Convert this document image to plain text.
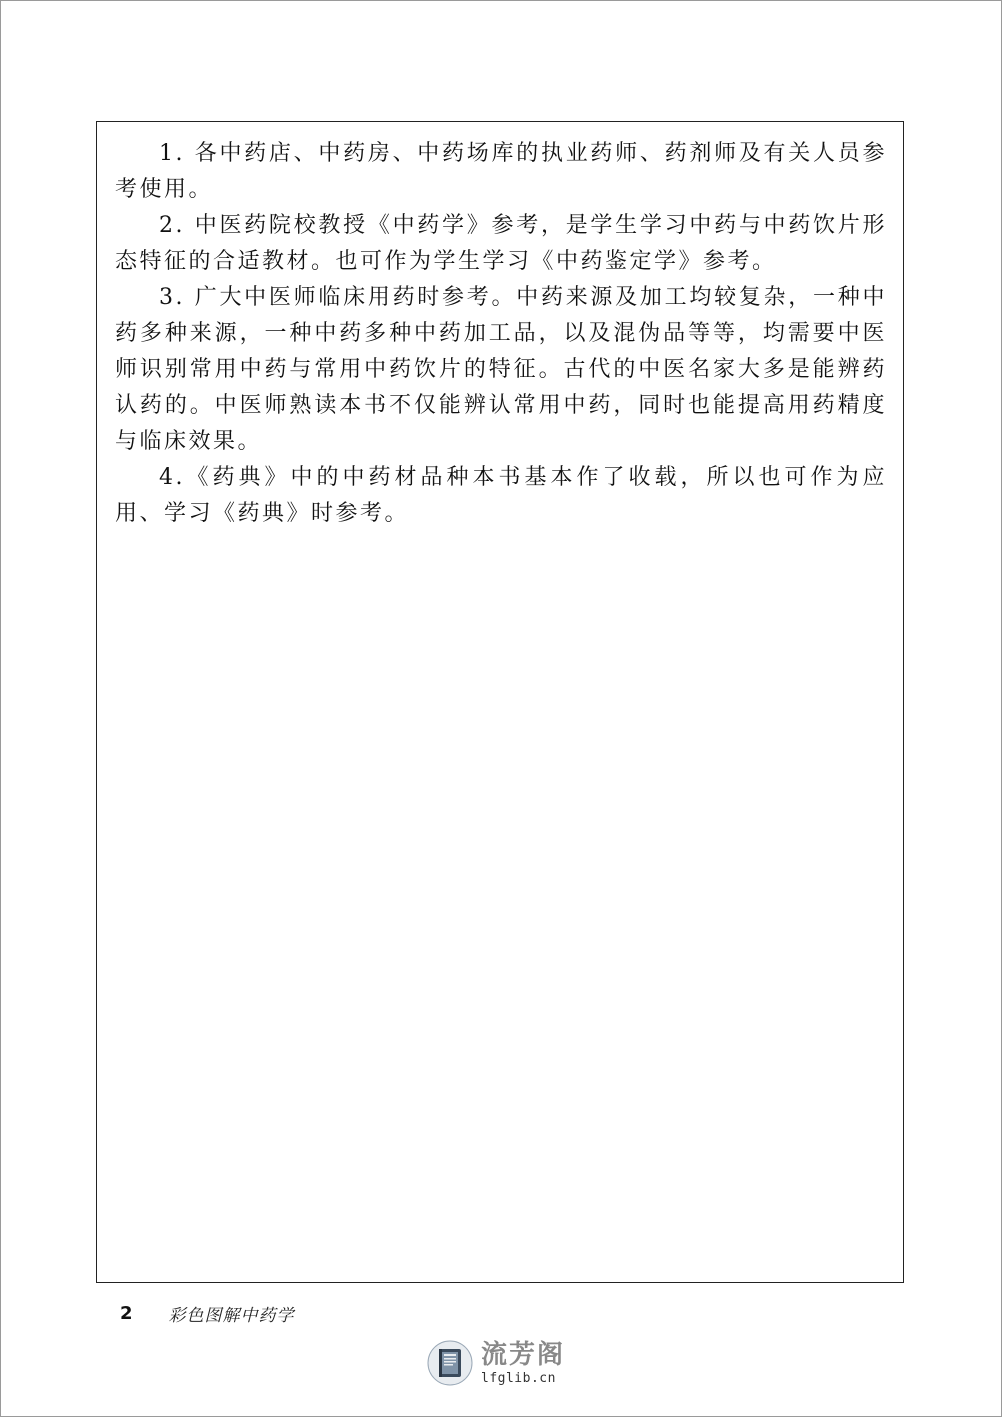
1. 各中药店、中药房、中药场库的执业药师、药剂师及有关人员参考使用。

2. 中医药院校教授《中药学》参考，是学生学习中药与中药饮片形态特征的合适教材。也可作为学生学习《中药鉴定学》参考。

3. 广大中医师临床用药时参考。中药来源及加工均较复杂，一种中药多种来源，一种中药多种中药加工品，以及混伪品等等，均需要中医师识别常用中药与常用中药饮片的特征。古代的中医名家大多是能辨药认药的。中医师熟读本书不仅能辨认常用中药，同时也能提高用药精度与临床效果。

4.《药典》中的中药材品种本书基本作了收载，所以也可作为应用、学习《药典》时参考。

2 彩色图解中药学
流芳阁
lfglib.cn
